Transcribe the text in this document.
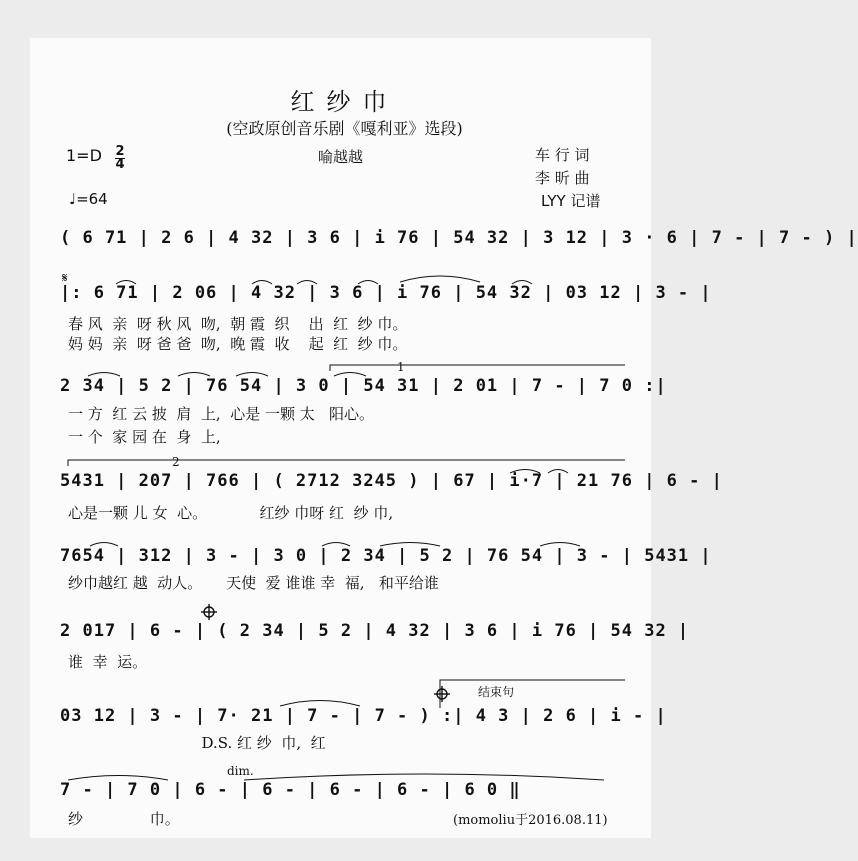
红纱巾
(空政原创音乐剧《嘎利亚》选段)
1=D 2
4	喻越越	车 行 词
李 昕 曲
♩=64	LYY 记谱
( 6 71 | 2 6 | 4 32 | 3 6 | i 76 | 54 32 | 3 12 | 3 · 6 | 7 - | 7 - ) |
|: 6 71 | 2 06 | 4 32 | 3 6 | i 76 | 54 32 | 03 12 | 3 - |
春 风  亲  呀 秋 风  吻,  朝 霞  织    出  红  纱 巾。
妈 妈  亲  呀 爸 爸  吻,  晚 霞  收    起  红  纱 巾。
2 34 | 5 2 | 76 54 | 3 0 | 54 31 | 2 01 | 7 - | 7 0 :|
一 方  红 云 披  肩  上,  心是 一颗 太   阳心。
一 个  家 园 在  身  上,
5431 | 207 | 766 | ( 2712 3245 ) | 67 | i·7 | 21 76 | 6 - |
心是一颗 儿 女  心。           红纱 巾呀 红  纱 巾,
7654 | 312 | 3 - | 3 0 | 2 34 | 5 2 | 76 54 | 3 - | 5431 |
纱巾越红 越  动人。     天使  爱 谁谁 幸  福,   和平给谁
2 017 | 6 - | ( 2 34 | 5 2 | 4 32 | 3 6 | i 76 | 54 32 |
谁  幸  运。
03 12 | 3 - | 7· 21 | 7 - | 7 - ) :| 4 3 | 2 6 | i - |
D.S. 红 纱  巾,  红
7 - | 7 0 | 6 - | 6 - | 6 - | 6 - | 6 0 ‖
纱              巾。
结束句
dim.
1
2
(momoliu于2016.08.11)
𝄋
